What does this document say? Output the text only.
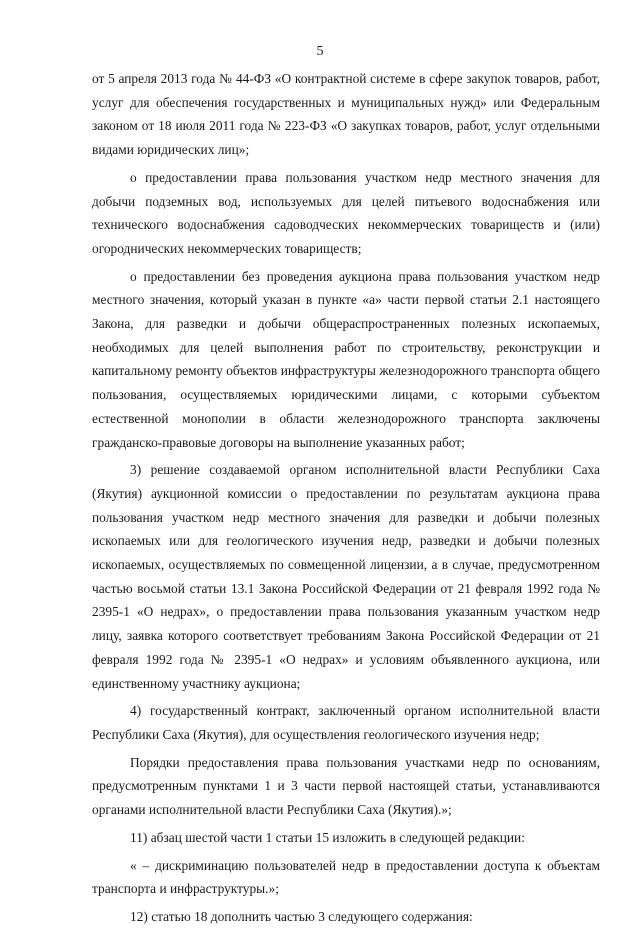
5

от 5 апреля 2013 года № 44-ФЗ «О контрактной системе в сфере закупок товаров, работ, услуг для обеспечения государственных и муниципальных нужд» или Федеральным законом от 18 июля 2011 года № 223-ФЗ «О закупках товаров, работ, услуг отдельными видами юридических лиц»;

о предоставлении права пользования участком недр местного значения для добычи подземных вод, используемых для целей питьевого водоснабжения или технического водоснабжения садоводческих некоммерческих товариществ и (или) огороднических некоммерческих товариществ;

о предоставлении без проведения аукциона права пользования участком недр местного значения, который указан в пункте «а» части первой статьи 2.1 настоящего Закона, для разведки и добычи общераспространенных полезных ископаемых, необходимых для целей выполнения работ по строительству, реконструкции и капитальному ремонту объектов инфраструктуры железнодорожного транспорта общего пользования, осуществляемых юридическими лицами, с которыми субъектом естественной монополии в области железнодорожного транспорта заключены гражданско-правовые договоры на выполнение указанных работ;

3) решение создаваемой органом исполнительной власти Республики Саха (Якутия) аукционной комиссии о предоставлении по результатам аукциона права пользования участком недр местного значения для разведки и добычи полезных ископаемых или для геологического изучения недр, разведки и добычи полезных ископаемых, осуществляемых по совмещенной лицензии, а в случае, предусмотренном частью восьмой статьи 13.1 Закона Российской Федерации от 21 февраля 1992 года № 2395-1 «О недрах», о предоставлении права пользования указанным участком недр лицу, заявка которого соответствует требованиям Закона Российской Федерации от 21 февраля 1992 года № 2395-1 «О недрах» и условиям объявленного аукциона, или единственному участнику аукциона;

4) государственный контракт, заключенный органом исполнительной власти Республики Саха (Якутия), для осуществления геологического изучения недр;

Порядки предоставления права пользования участками недр по основаниям, предусмотренным пунктами 1 и 3 части первой настоящей статьи, устанавливаются органами исполнительной власти Республики Саха (Якутия).»;

11) абзац шестой части 1 статьи 15 изложить в следующей редакции:

« – дискриминацию пользователей недр в предоставлении доступа к объектам транспорта и инфраструктуры.»;

12) статью 18 дополнить частью 3 следующего содержания:
